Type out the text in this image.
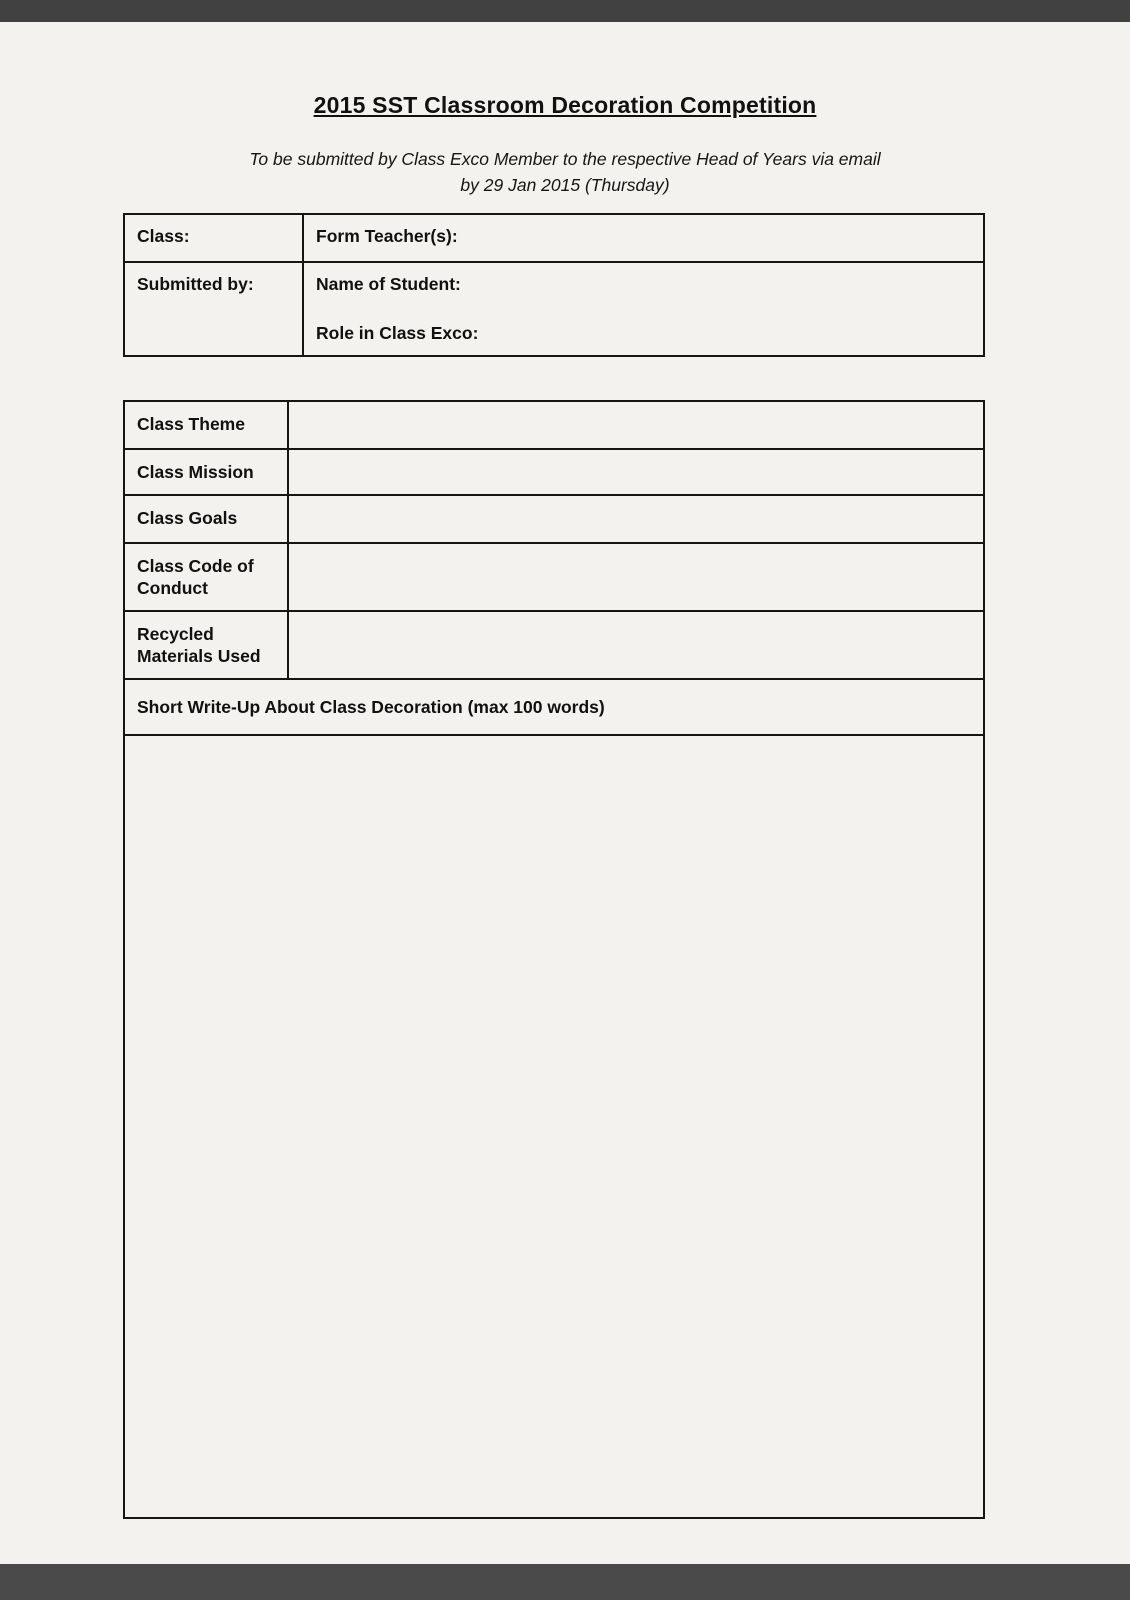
2015 SST Classroom Decoration Competition
To be submitted by Class Exco Member to the respective Head of Years via email
by 29 Jan 2015 (Thursday)
Class:	Form Teacher(s):
Submitted by:	Name of Student:
Role in Class Exco:
Class Theme
Class Mission
Class Goals
Class Code of Conduct
Recycled Materials Used
Short Write-Up About Class Decoration (max 100 words)
